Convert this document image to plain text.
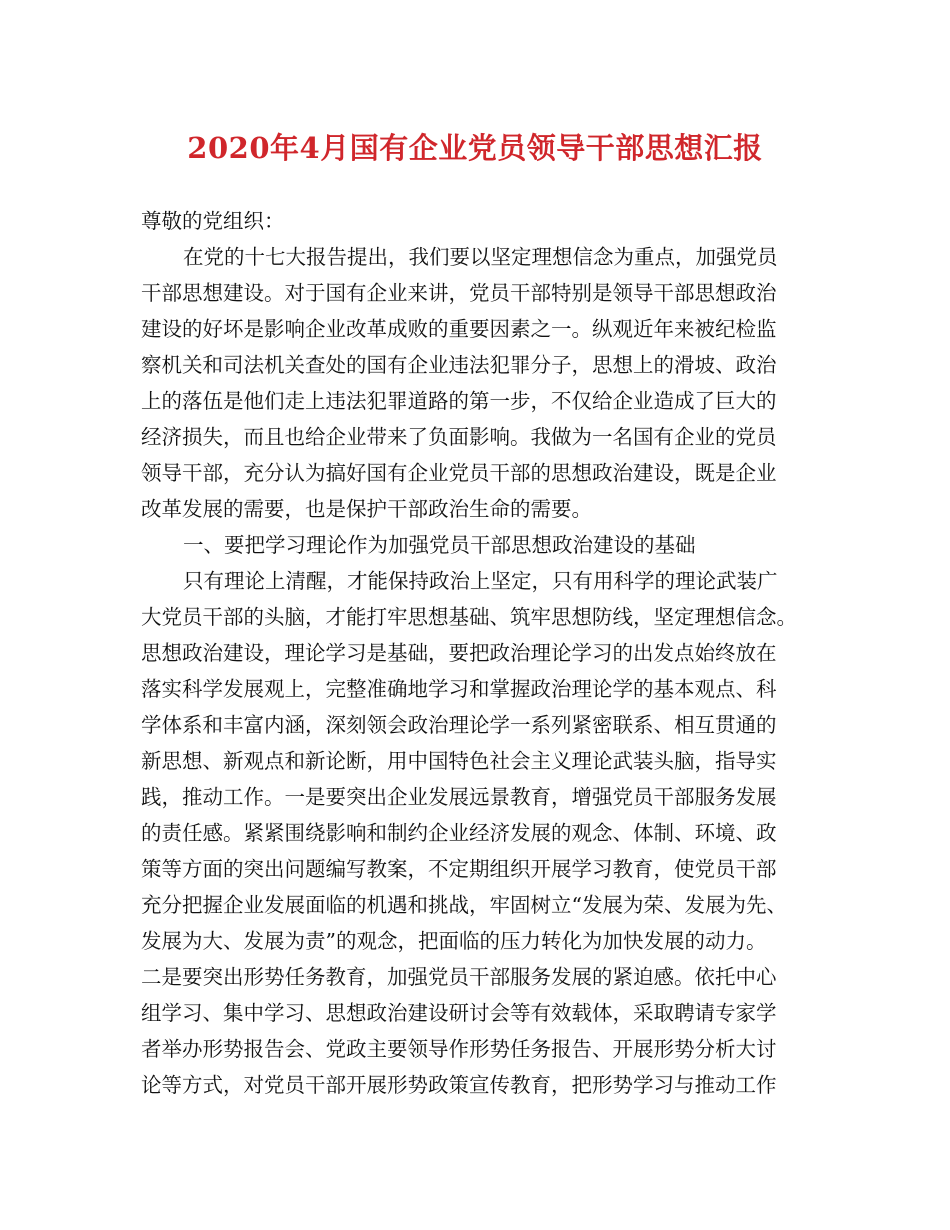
2020年4月国有企业党员领导干部思想汇报

尊敬的党组织：

在党的十七大报告提出，我们要以坚定理想信念为重点，加强党员

干部思想建设。对于国有企业来讲，党员干部特别是领导干部思想政治

建设的好坏是影响企业改革成败的重要因素之一。纵观近年来被纪检监

察机关和司法机关查处的国有企业违法犯罪分子，思想上的滑坡、政治

上的落伍是他们走上违法犯罪道路的第一步，不仅给企业造成了巨大的

经济损失，而且也给企业带来了负面影响。我做为一名国有企业的党员

领导干部，充分认为搞好国有企业党员干部的思想政治建设，既是企业

改革发展的需要，也是保护干部政治生命的需要。

一、要把学习理论作为加强党员干部思想政治建设的基础

只有理论上清醒，才能保持政治上坚定，只有用科学的理论武装广

大党员干部的头脑，才能打牢思想基础、筑牢思想防线，坚定理想信念。

思想政治建设，理论学习是基础，要把政治理论学习的出发点始终放在

落实科学发展观上，完整准确地学习和掌握政治理论学的基本观点、科

学体系和丰富内涵，深刻领会政治理论学一系列紧密联系、相互贯通的

新思想、新观点和新论断，用中国特色社会主义理论武装头脑，指导实

践，推动工作。一是要突出企业发展远景教育，增强党员干部服务发展

的责任感。紧紧围绕影响和制约企业经济发展的观念、体制、环境、政

策等方面的突出问题编写教案，不定期组织开展学习教育，使党员干部

充分把握企业发展面临的机遇和挑战，牢固树立“发展为荣、发展为先、

发展为大、发展为责”的观念，把面临的压力转化为加快发展的动力。

二是要突出形势任务教育，加强党员干部服务发展的紧迫感。依托中心

组学习、集中学习、思想政治建设研讨会等有效载体，采取聘请专家学

者举办形势报告会、党政主要领导作形势任务报告、开展形势分析大讨

论等方式，对党员干部开展形势政策宣传教育，把形势学习与推动工作
